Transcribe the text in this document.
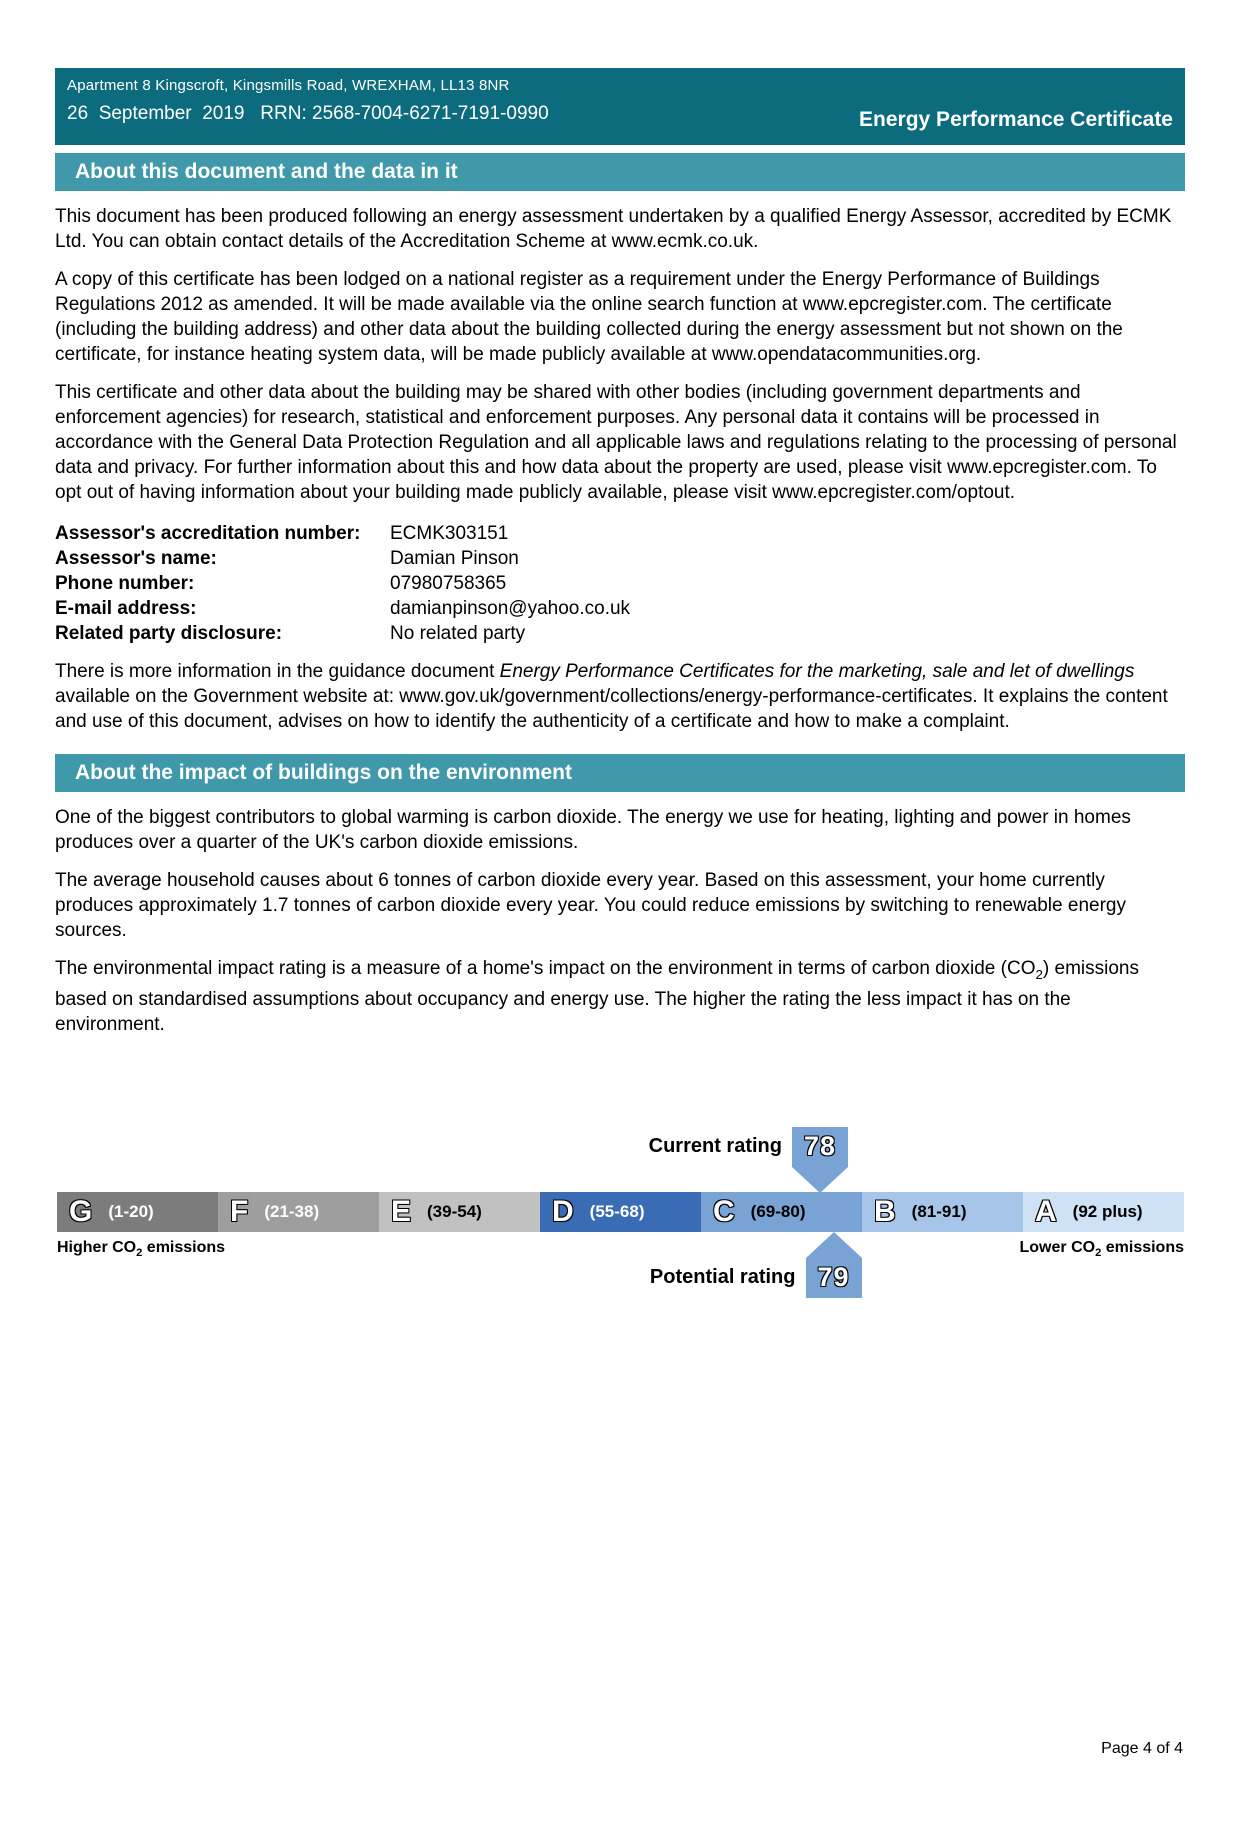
Apartment 8 Kingscroft, Kingsmills Road, WREXHAM, LL13 8NR
26  September  2019   RRN: 2568-7004-6271-7191-0990	Energy Performance Certificate
About this document and the data in it

This document has been produced following an energy assessment undertaken by a qualified Energy Assessor, accredited by ECMK Ltd. You can obtain contact details of the Accreditation Scheme at www.ecmk.co.uk.

A copy of this certificate has been lodged on a national register as a requirement under the Energy Performance of Buildings Regulations 2012 as amended. It will be made available via the online search function at www.epcregister.com. The certificate (including the building address) and other data about the building collected during the energy assessment but not shown on the certificate, for instance heating system data, will be made publicly available at www.opendatacommunities.org.

This certificate and other data about the building may be shared with other bodies (including government departments and enforcement agencies) for research, statistical and enforcement purposes. Any personal data it contains will be processed in accordance with the General Data Protection Regulation and all applicable laws and regulations relating to the processing of personal data and privacy. For further information about this and how data about the property are used, please visit www.epcregister.com. To opt out of having information about your building made publicly available, please visit www.epcregister.com/optout.

Assessor's accreditation number:	ECMK303151
Assessor's name:	Damian Pinson
Phone number:	07980758365
E-mail address:	damianpinson@yahoo.co.uk
Related party disclosure:	No related party

There is more information in the guidance document Energy Performance Certificates for the marketing, sale and let of dwellings available on the Government website at: www.gov.uk/government/collections/energy-performance-certificates. It explains the content and use of this document, advises on how to identify the authenticity of a certificate and how to make a complaint.

About the impact of buildings on the environment

One of the biggest contributors to global warming is carbon dioxide. The energy we use for heating, lighting and power in homes produces over a quarter of the UK's carbon dioxide emissions.

The average household causes about 6 tonnes of carbon dioxide every year. Based on this assessment, your home currently produces approximately 1.7 tonnes of carbon dioxide every year. You could reduce emissions by switching to renewable energy sources.

The environmental impact rating is a measure of a home's impact on the environment in terms of carbon dioxide $(CO_2)$ emissions based on standardised assumptions about occupancy and energy use. The higher the rating the less impact it has on the environment.

Current rating 78
G (1-20)	F (21-38) E (39-54) D (55-68) C (69-80) B (81-91) A (92 plus)
Higher $CO_2$ emissions	Lower $CO_2$ emissions
Potential rating 79
Page 4 of 4
